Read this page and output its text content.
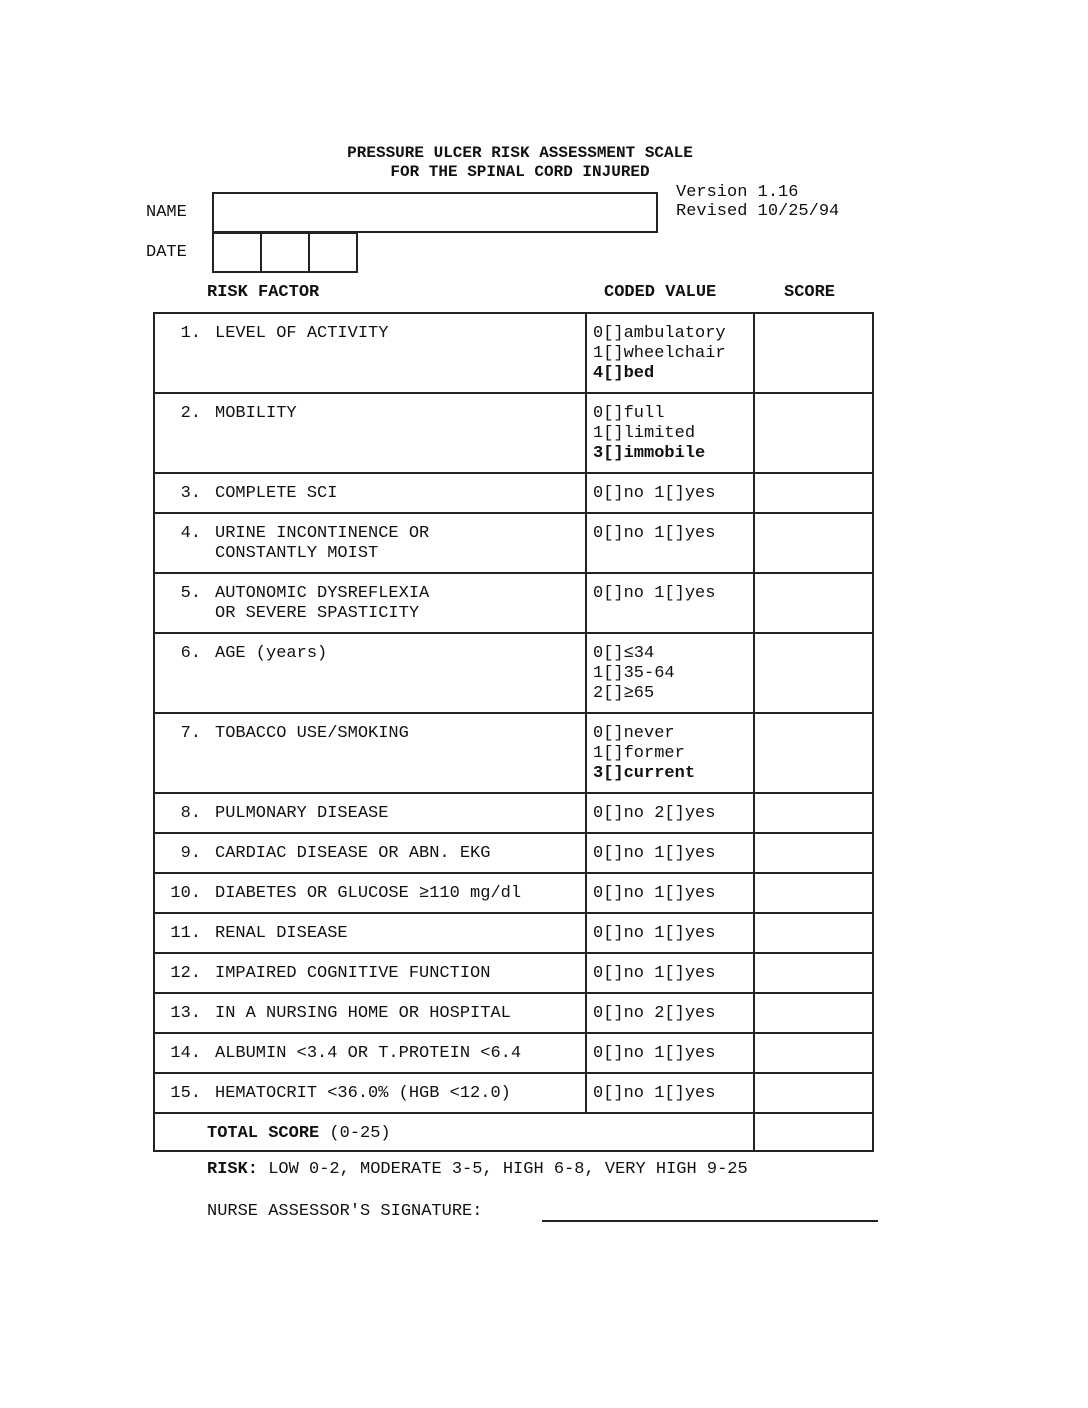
PRESSURE ULCER RISK ASSESSMENT SCALE
FOR THE SPINAL CORD INJURED
Version 1.16
Revised 10/25/94
NAME
DATE
RISK FACTOR	CODED VALUE	SCORE
1. LEVEL OF ACTIVITY	0[]ambulatory
1[]wheelchair
4[]bed	

2. MOBILITY	0[]full
1[]limited
3[]immobile	

3. COMPLETE SCI	0[]no 1[]yes	

4. URINE INCONTINENCE OR
CONSTANTLY MOIST	0[]no 1[]yes	

5. AUTONOMIC DYSREFLEXIA
OR SEVERE SPASTICITY	0[]no 1[]yes	

6. AGE (years)	0[]≤34
1[]35-64
2[]≥65	

7. TOBACCO USE/SMOKING	0[]never
1[]former
3[]current	

8. PULMONARY DISEASE	0[]no 2[]yes	

9. CARDIAC DISEASE OR ABN. EKG	0[]no 1[]yes	

10. DIABETES OR GLUCOSE ≥110 mg/dl	0[]no 1[]yes	

11. RENAL DISEASE	0[]no 1[]yes	

12. IMPAIRED COGNITIVE FUNCTION	0[]no 1[]yes	

13. IN A NURSING HOME OR HOSPITAL	0[]no 2[]yes	

14. ALBUMIN <3.4 OR T.PROTEIN <6.4	0[]no 1[]yes	

15. HEMATOCRIT <36.0% (HGB <12.0)	0[]no 1[]yes	

TOTAL SCORE (0-25)		
RISK: LOW 0-2, MODERATE 3-5, HIGH 6-8, VERY HIGH 9-25
NURSE ASSESSOR'S SIGNATURE:
